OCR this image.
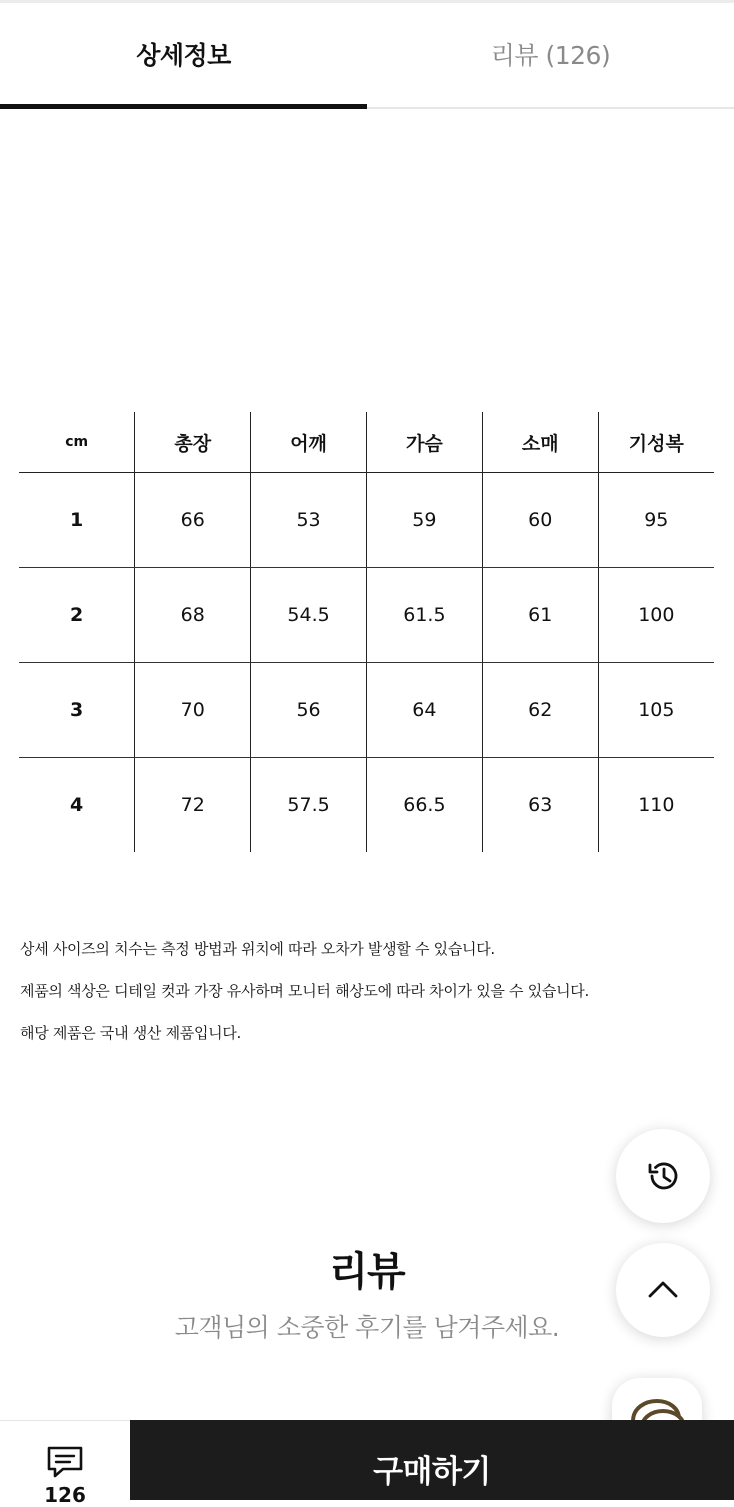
상세정보	리뷰 (126)
cm	총장	어깨	가슴	소매	기성복
1	66	53	59	60	95
2	68	54.5	61.5	61	100
3	70	56	64	62	105
4	72	57.5	66.5	63	110
상세 사이즈의 치수는 측정 방법과 위치에 따라 오차가 발생할 수 있습니다.
제품의 색상은 디테일 컷과 가장 유사하며 모니터 해상도에 따라 차이가 있을 수 있습니다.
해당 제품은 국내 생산 제품입니다.
리뷰
고객님의 소중한 후기를 남겨주세요.
126
구매하기
